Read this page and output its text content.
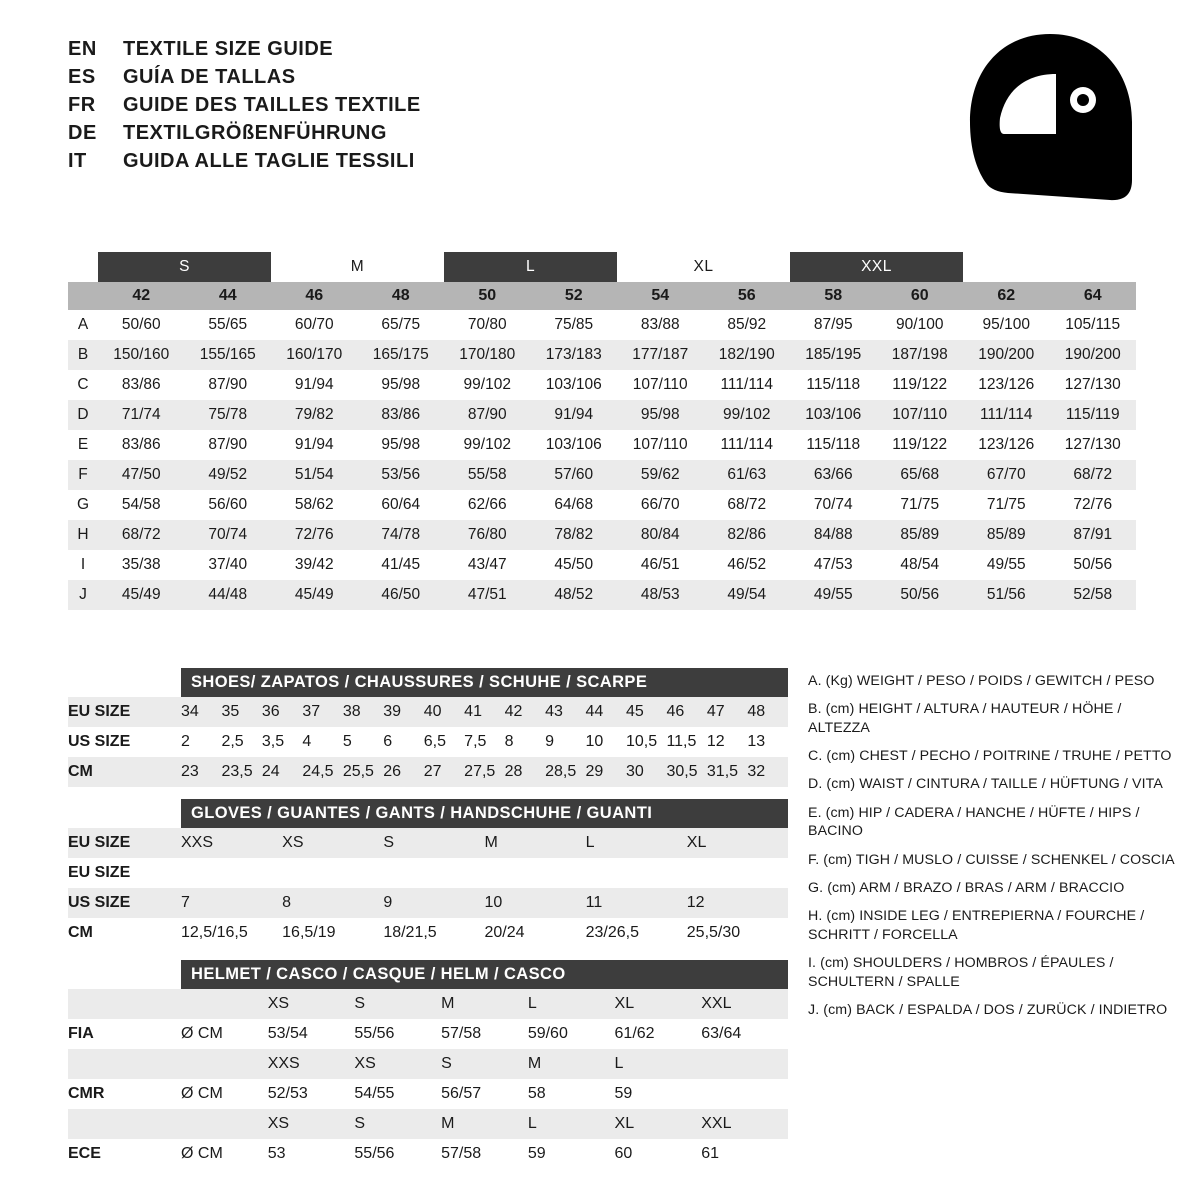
EN	TEXTILE SIZE GUIDE
ES	GUÍA DE TALLAS
FR	GUIDE DES TAILLES TEXTILE
DE	TEXTILGRÖßENFÜHRUNG
IT	GUIDA ALLE TAGLIE TESSILI
	S		M		L		XL		XXL			
	42	44	46	48	50	52	54	56	58	60	62	64
A	50/60	55/65	60/70	65/75	70/80	75/85	83/88	85/92	87/95	90/100	95/100	105/115
B	150/160	155/165	160/170	165/175	170/180	173/183	177/187	182/190	185/195	187/198	190/200	190/200
C	83/86	87/90	91/94	95/98	99/102	103/106	107/110	111/114	115/118	119/122	123/126	127/130
D	71/74	75/78	79/82	83/86	87/90	91/94	95/98	99/102	103/106	107/110	111/114	115/119
E	83/86	87/90	91/94	95/98	99/102	103/106	107/110	111/114	115/118	119/122	123/126	127/130
F	47/50	49/52	51/54	53/56	55/58	57/60	59/62	61/63	63/66	65/68	67/70	68/72
G	54/58	56/60	58/62	60/64	62/66	64/68	66/70	68/72	70/74	71/75	71/75	72/76
H	68/72	70/74	72/76	74/78	76/80	78/82	80/84	82/86	84/88	85/89	85/89	87/91
I	35/38	37/40	39/42	41/45	43/47	45/50	46/51	46/52	47/53	48/54	49/55	50/56
J	45/49	44/48	45/49	46/50	47/51	48/52	48/53	49/54	49/55	50/56	51/56	52/58
SHOES/ ZAPATOS / CHAUSSURES / SCHUHE / SCARPE
EU SIZE	34	35	36	37	38	39	40	41	42	43	44	45	46	47	48
US SIZE	2	2,5	3,5	4	5	6	6,5	7,5	8	9	10	10,5	11,5	12	13
CM	23	23,5	24	24,5	25,5	26	27	27,5	28	28,5	29	30	30,5	31,5	32
GLOVES / GUANTES / GANTS / HANDSCHUHE / GUANTI
EU SIZE	XXS	XS	S	M	L	XL
EU SIZE						
US SIZE	7	8	9	10	11	12
CM	12,5/16,5	16,5/19	18/21,5	20/24	23/26,5	25,5/30
HELMET / CASCO / CASQUE / HELM / CASCO
		XS	S	M	L	XL	XXL
FIA	Ø CM	53/54	55/56	57/58	59/60	61/62	63/64
		XXS	XS	S	M	L	
CMR	Ø CM	52/53	54/55	56/57	58	59	
		XS	S	M	L	XL	XXL
ECE	Ø CM	53	55/56	57/58	59	60	61

A. (Kg) WEIGHT / PESO / POIDS / GEWITCH / PESO

B. (cm) HEIGHT / ALTURA / HAUTEUR / HÖHE / ALTEZZA

C. (cm) CHEST / PECHO / POITRINE / TRUHE / PETTO

D. (cm) WAIST / CINTURA / TAILLE / HÜFTUNG / VITA

E. (cm) HIP / CADERA / HANCHE / HÜFTE / HIPS / BACINO

F. (cm) TIGH / MUSLO / CUISSE / SCHENKEL / COSCIA

G. (cm) ARM / BRAZO / BRAS / ARM / BRACCIO

H. (cm) INSIDE LEG / ENTREPIERNA / FOURCHE / SCHRITT / FORCELLA

I. (cm) SHOULDERS / HOMBROS / ÉPAULES / SCHULTERN / SPALLE

J. (cm) BACK / ESPALDA / DOS / ZURÜCK / INDIETRO
